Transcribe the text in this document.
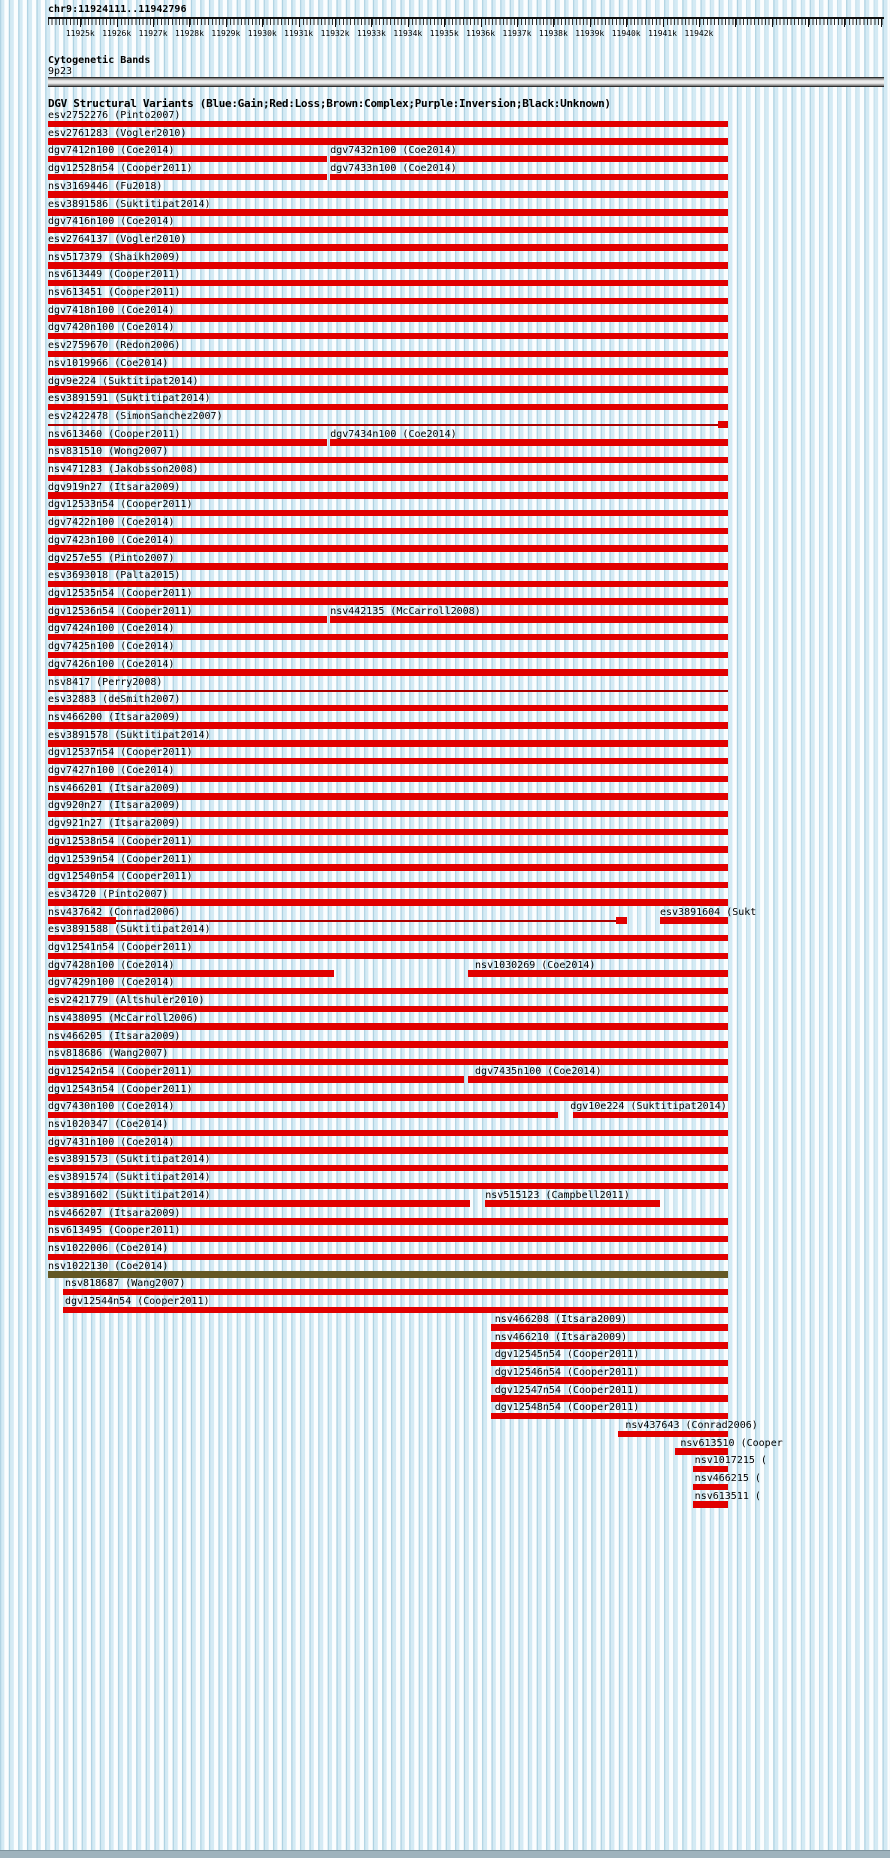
chr9:11924111..11942796
11925k 11926k 11927k 11928k 11929k 11930k 11931k 11932k 11933k 11934k 11935k 11936k 11937k 11938k 11939k 11940k 11941k 11942k
Cytogenetic Bands
9p23
DGV Structural Variants (Blue:Gain;Red:Loss;Brown:Complex;Purple:Inversion;Black:Unknown)
esv2752276 (Pinto2007)
esv2761283 (Vogler2010)
dgv7412n100 (Coe2014)	dgv7432n100 (Coe2014)
dgv12528n54 (Cooper2011)	dgv7433n100 (Coe2014)
nsv3169446 (Fu2018)
esv3891586 (Suktitipat2014)
dgv7416n100 (Coe2014)
esv2764137 (Vogler2010)
nsv517379 (Shaikh2009)
nsv613449 (Cooper2011)
nsv613451 (Cooper2011)
dgv7418n100 (Coe2014)
dgv7420n100 (Coe2014)
esv2759670 (Redon2006)
nsv1019966 (Coe2014)
dgv9e224 (Suktitipat2014)
esv3891591 (Suktitipat2014)
esv2422478 (SimonSanchez2007)
nsv613460 (Cooper2011)	dgv7434n100 (Coe2014)
nsv831510 (Wong2007)
nsv471283 (Jakobsson2008)
dgv919n27 (Itsara2009)
dgv12533n54 (Cooper2011)
dgv7422n100 (Coe2014)
dgv7423n100 (Coe2014)
dgv257e55 (Pinto2007)
esv3693018 (Palta2015)
dgv12535n54 (Cooper2011)
dgv12536n54 (Cooper2011)	nsv442135 (McCarroll2008)
dgv7424n100 (Coe2014)
dgv7425n100 (Coe2014)
dgv7426n100 (Coe2014)
nsv8417 (Perry2008)
esv32883 (deSmith2007)
nsv466200 (Itsara2009)
esv3891578 (Suktitipat2014)
dgv12537n54 (Cooper2011)
dgv7427n100 (Coe2014)
nsv466201 (Itsara2009)
dgv920n27 (Itsara2009)
dgv921n27 (Itsara2009)
dgv12538n54 (Cooper2011)
dgv12539n54 (Cooper2011)
dgv12540n54 (Cooper2011)
esv34720 (Pinto2007)
nsv437642 (Conrad2006)	esv3891604 (Sukt
esv3891588 (Suktitipat2014)
dgv12541n54 (Cooper2011)
dgv7428n100 (Coe2014)	nsv1030269 (Coe2014)
dgv7429n100 (Coe2014)
esv2421779 (Altshuler2010)
nsv438095 (McCarroll2006)
nsv466205 (Itsara2009)
nsv818686 (Wang2007)
dgv12542n54 (Cooper2011)	dgv7435n100 (Coe2014)
dgv12543n54 (Cooper2011)
dgv7430n100 (Coe2014)	dgv10e224 (Suktitipat2014)
nsv1020347 (Coe2014)
dgv7431n100 (Coe2014)
esv3891573 (Suktitipat2014)
esv3891574 (Suktitipat2014)
esv3891602 (Suktitipat2014)	nsv515123 (Campbell2011)
nsv466207 (Itsara2009)
nsv613495 (Cooper2011)
nsv1022006 (Coe2014)
nsv1022130 (Coe2014)
nsv818687 (Wang2007)
dgv12544n54 (Cooper2011)
nsv466208 (Itsara2009)
nsv466210 (Itsara2009)
dgv12545n54 (Cooper2011)
dgv12546n54 (Cooper2011)
dgv12547n54 (Cooper2011)
dgv12548n54 (Cooper2011)
nsv437643 (Conrad2006)
nsv613510 (Cooper
nsv1017215 (
nsv466215 (
nsv613511 (
